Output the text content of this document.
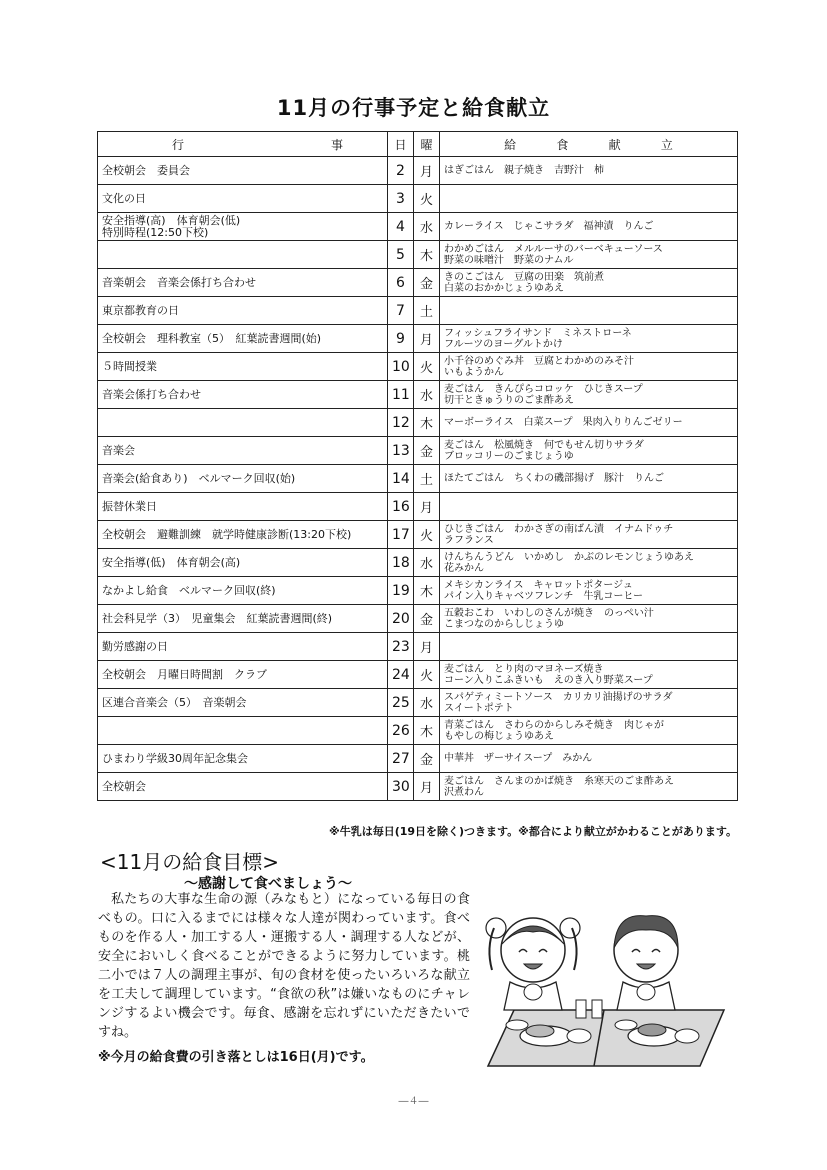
11月の行事予定と給食献立
行 事	日	曜	給 食 献 立

全校朝会　委員会	2	月	はぎごはん　親子焼き　吉野汁　柿
文化の日	3	火	
安全指導(高)　体育朝会(低)
特別時程(12:50下校)	4	水	カレーライス　じゃこサラダ　福神漬　りんご
	5	木	わかめごはん　メルルーサのバーベキューソース
野菜の味噌汁　野菜のナムル
音楽朝会　音楽会係打ち合わせ	6	金	きのこごはん　豆腐の田楽　筑前煮
白菜のおかかじょうゆあえ
東京都教育の日	7	土	
全校朝会　理科教室（5）　紅葉読書週間(始)	9	月	フィッシュフライサンド　ミネストローネ
フルーツのヨーグルトかけ
５時間授業	10	火	小千谷のめぐみ丼　豆腐とわかめのみそ汁
いもようかん
音楽会係打ち合わせ	11	水	麦ごはん　きんぴらコロッケ　ひじきスープ
切干ときゅうりのごま酢あえ
	12	木	マーボーライス　白菜スープ　果肉入りりんごゼリー
音楽会	13	金	麦ごはん　松風焼き　何でもせん切りサラダ
ブロッコリーのごまじょうゆ
音楽会(給食あり)　ベルマーク回収(始)	14	土	ほたてごはん　ちくわの磯部揚げ　豚汁　りんご
振替休業日	16	月	
全校朝会　避難訓練　就学時健康診断(13:20下校)	17	火	ひじきごはん　わかさぎの南ばん漬　イナムドゥチ
ラフランス
安全指導(低)　体育朝会(高)	18	水	けんちんうどん　いかめし　かぶのレモンじょうゆあえ
花みかん
なかよし給食　ベルマーク回収(終)	19	木	メキシカンライス　キャロットポタージュ
パイン入りキャベツフレンチ　牛乳コーヒー
社会科見学（3）　児童集会　紅葉読書週間(終)	20	金	五穀おこわ　いわしのさんが焼き　のっぺい汁
こまつなのからしじょうゆ
勤労感謝の日	23	月	
全校朝会　月曜日時間割　クラブ	24	火	麦ごはん　とり肉のマヨネーズ焼き
コーン入りこふきいも　えのき入り野菜スープ
区連合音楽会（5）　音楽朝会	25	水	スパゲティミートソース　カリカリ油揚げのサラダ
スイートポテト
	26	木	青菜ごはん　さわらのからしみそ焼き　肉じゃが
もやしの梅じょうゆあえ
ひまわり学級30周年記念集会	27	金	中華丼　ザーサイスープ　みかん
全校朝会	30	月	麦ごはん　さんまのかば焼き　糸寒天のごま酢あえ
沢煮わん
※牛乳は毎日(19日を除く)つきます。※都合により献立がかわることがあります。
<11月の給食目標>
～感謝して食べましょう～

私たちの大事な生命の源（みなもと）になっている毎日の食べもの。口に入るまでには様々な人達が関わっています。食べものを作る人・加工する人・運搬する人・調理する人などが、安全においしく食べることができるように努力しています。桃二小では７人の調理主事が、旬の食材を使ったいろいろな献立を工夫して調理しています。“食欲の秋”は嫌いなものにチャレンジするよい機会です。毎食、感謝を忘れずにいただきたいですね。

※今月の給食費の引き落としは16日(月)です。
―４―
